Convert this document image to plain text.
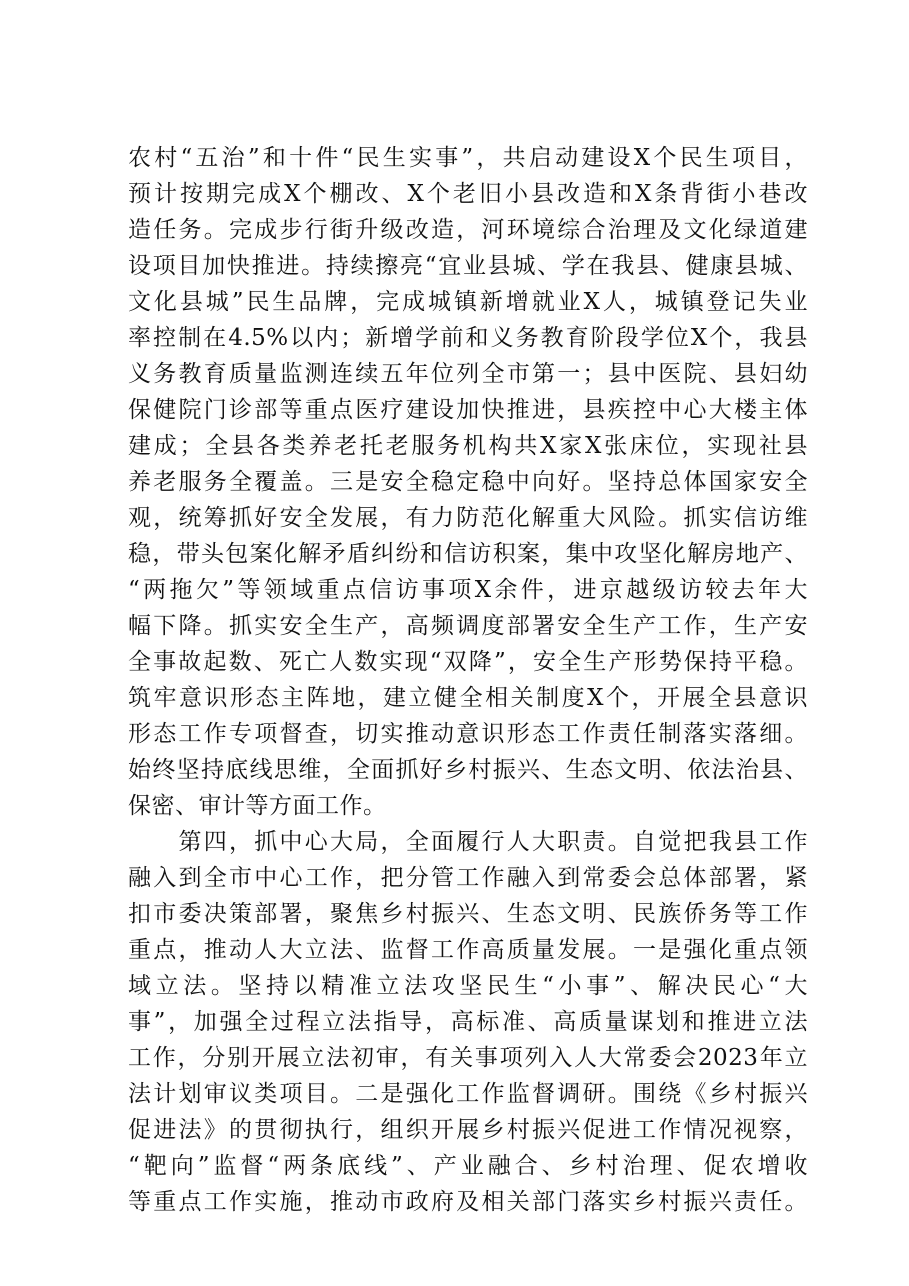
农村“五治”和十件“民生实事”，共启动建设X个民生项目，
预计按期完成X个棚改、X个老旧小县改造和X条背街小巷改
造任务。完成步行街升级改造，河环境综合治理及文化绿道建
设项目加快推进。持续擦亮“宜业县城、学在我县、健康县城、
文化县城”民生品牌，完成城镇新增就业X人，城镇登记失业
率控制在4.5%以内；新增学前和义务教育阶段学位X个，我县
义务教育质量监测连续五年位列全市第一；县中医院、县妇幼
保健院门诊部等重点医疗建设加快推进，县疾控中心大楼主体
建成；全县各类养老托老服务机构共X家X张床位，实现社县
养老服务全覆盖。三是安全稳定稳中向好。坚持总体国家安全
观，统筹抓好安全发展，有力防范化解重大风险。抓实信访维
稳，带头包案化解矛盾纠纷和信访积案，集中攻坚化解房地产、
“两拖欠”等领域重点信访事项X余件，进京越级访较去年大
幅下降。抓实安全生产，高频调度部署安全生产工作，生产安
全事故起数、死亡人数实现“双降”，安全生产形势保持平稳。
筑牢意识形态主阵地，建立健全相关制度X个，开展全县意识
形态工作专项督查，切实推动意识形态工作责任制落实落细。
始终坚持底线思维，全面抓好乡村振兴、生态文明、依法治县、
保密、审计等方面工作。
　　第四，抓中心大局，全面履行人大职责。自觉把我县工作
融入到全市中心工作，把分管工作融入到常委会总体部署，紧
扣市委决策部署，聚焦乡村振兴、生态文明、民族侨务等工作
重点，推动人大立法、监督工作高质量发展。一是强化重点领
域立法。坚持以精准立法攻坚民生“小事”、解决民心“大
事”，加强全过程立法指导，高标准、高质量谋划和推进立法
工作，分别开展立法初审，有关事项列入人大常委会2023年立
法计划审议类项目。二是强化工作监督调研。围绕《乡村振兴
促进法》的贯彻执行，组织开展乡村振兴促进工作情况视察，
“靶向”监督“两条底线”、产业融合、乡村治理、促农增收
等重点工作实施，推动市政府及相关部门落实乡村振兴责任。
